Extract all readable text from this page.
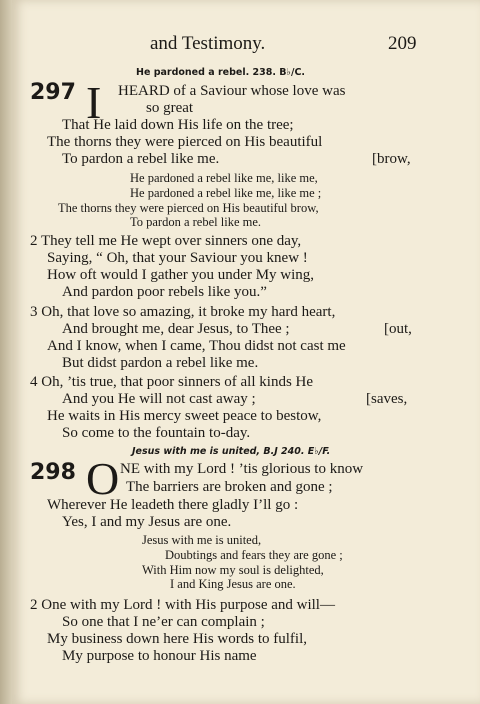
and Testimony.	209
He pardoned a rebel. 238. B♭/C.
297 I HEARD of a Saviour whose love was
so great
That He laid down His life on the tree;
The thorns they were pierced on His beautiful
To pardon a rebel like me.	[brow,
He pardoned a rebel like me, like me,
He pardoned a rebel like me, like me ;
The thorns they were pierced on His beautiful brow,
To pardon a rebel like me.
2 They tell me He wept over sinners one day,
Saying, “ Oh, that your Saviour you knew !
How oft would I gather you under My wing,
And pardon poor rebels like you.”
3 Oh, that love so amazing, it broke my hard heart,
And brought me, dear Jesus, to Thee ;	[out,
And I know, when I came, Thou didst not cast me
But didst pardon a rebel like me.
4 Oh, ’tis true, that poor sinners of all kinds He
And you He will not cast away ;	[saves,
He waits in His mercy sweet peace to bestow,
So come to the fountain to-day.
Jesus with me is united, B.J 240. E♭/F.
298 O NE with my Lord ! ’tis glorious to know
The barriers are broken and gone ;
Wherever He leadeth there gladly I’ll go :
Yes, I and my Jesus are one.
Jesus with me is united,
Doubtings and fears they are gone ;
With Him now my soul is delighted,
I and King Jesus are one.
2 One with my Lord ! with His purpose and will—
So one that I ne’er can complain ;
My business down here His words to fulfil,
My purpose to honour His name
